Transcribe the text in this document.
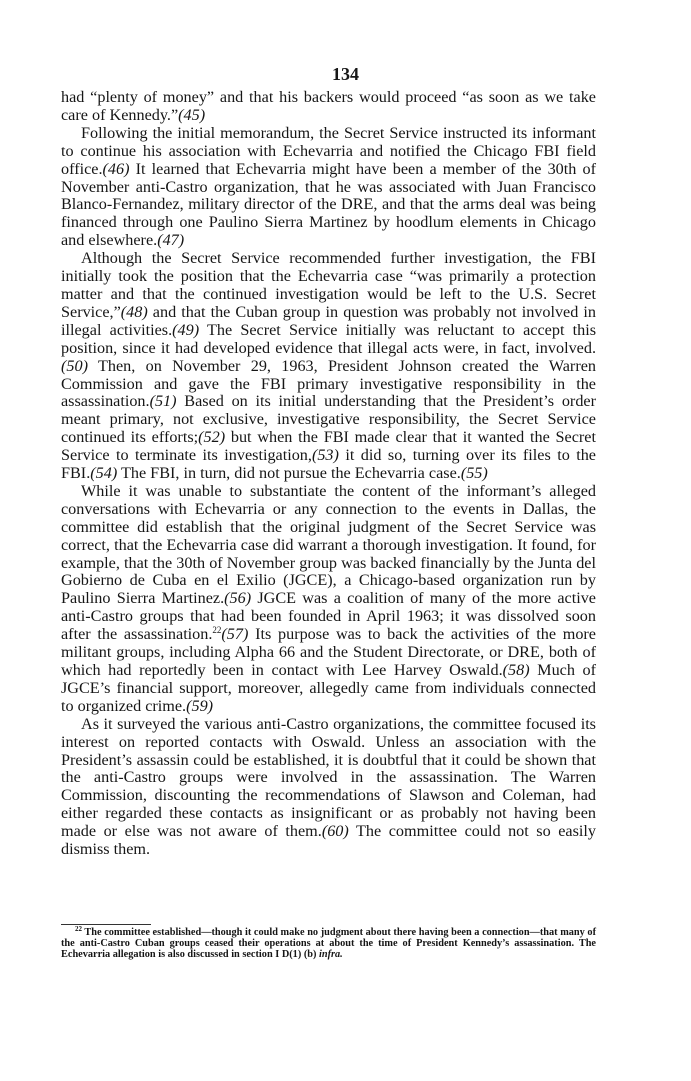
134

had “plenty of money” and that his backers would proceed “as soon as we take care of Kennedy.”(45)

Following the initial memorandum, the Secret Service instructed its informant to continue his association with Echevarria and notified the Chicago FBI field office.(46) It learned that Echevarria might have been a member of the 30th of November anti-Castro organization, that he was associated with Juan Francisco Blanco-Fernandez, military director of the DRE, and that the arms deal was being financed through one Paulino Sierra Martinez by hoodlum elements in Chicago and elsewhere.(47)

Although the Secret Service recommended further investigation, the FBI initially took the position that the Echevarria case “was primarily a protection matter and that the continued investigation would be left to the U.S. Secret Service,”(48) and that the Cuban group in question was probably not involved in illegal activities.(49) The Secret Service initially was reluctant to accept this position, since it had developed evidence that illegal acts were, in fact, involved.(50) Then, on November 29, 1963, President Johnson created the Warren Commission and gave the FBI primary investigative responsibility in the assassination.(51) Based on its initial understanding that the President’s order meant primary, not exclusive, investigative responsibility, the Secret Service continued its efforts;(52) but when the FBI made clear that it wanted the Secret Service to terminate its investigation,(53) it did so, turning over its files to the FBI.(54) The FBI, in turn, did not pursue the Echevarria case.(55)

While it was unable to substantiate the content of the informant’s alleged conversations with Echevarria or any connection to the events in Dallas, the committee did establish that the original judgment of the Secret Service was correct, that the Echevarria case did warrant a thorough investigation. It found, for example, that the 30th of November group was backed financially by the Junta del Gobierno de Cuba en el Exilio (JGCE), a Chicago-based organization run by Paulino Sierra Martinez.(56) JGCE was a coalition of many of the more active anti-Castro groups that had been founded in April 1963; it was dissolved soon after the assassination.$^{22}$(57) Its purpose was to back the activities of the more militant groups, including Alpha 66 and the Student Directorate, or DRE, both of which had reportedly been in contact with Lee Harvey Oswald.(58) Much of JGCE’s financial support, moreover, allegedly came from individuals connected to organized crime.(59)

As it surveyed the various anti-Castro organizations, the committee focused its interest on reported contacts with Oswald. Unless an association with the President’s assassin could be established, it is doubtful that it could be shown that the anti-Castro groups were involved in the assassination. The Warren Commission, discounting the recommendations of Slawson and Coleman, had either regarded these contacts as insignificant or as probably not having been made or else was not aware of them.(60) The committee could not so easily dismiss them.

$^{22}$ The committee established—though it could make no judgment about there having been a connection—that many of the anti-Castro Cuban groups ceased their operations at about the time of President Kennedy’s assassination. The Echevarria allegation is also discussed in section I D(1) (b) infra.
